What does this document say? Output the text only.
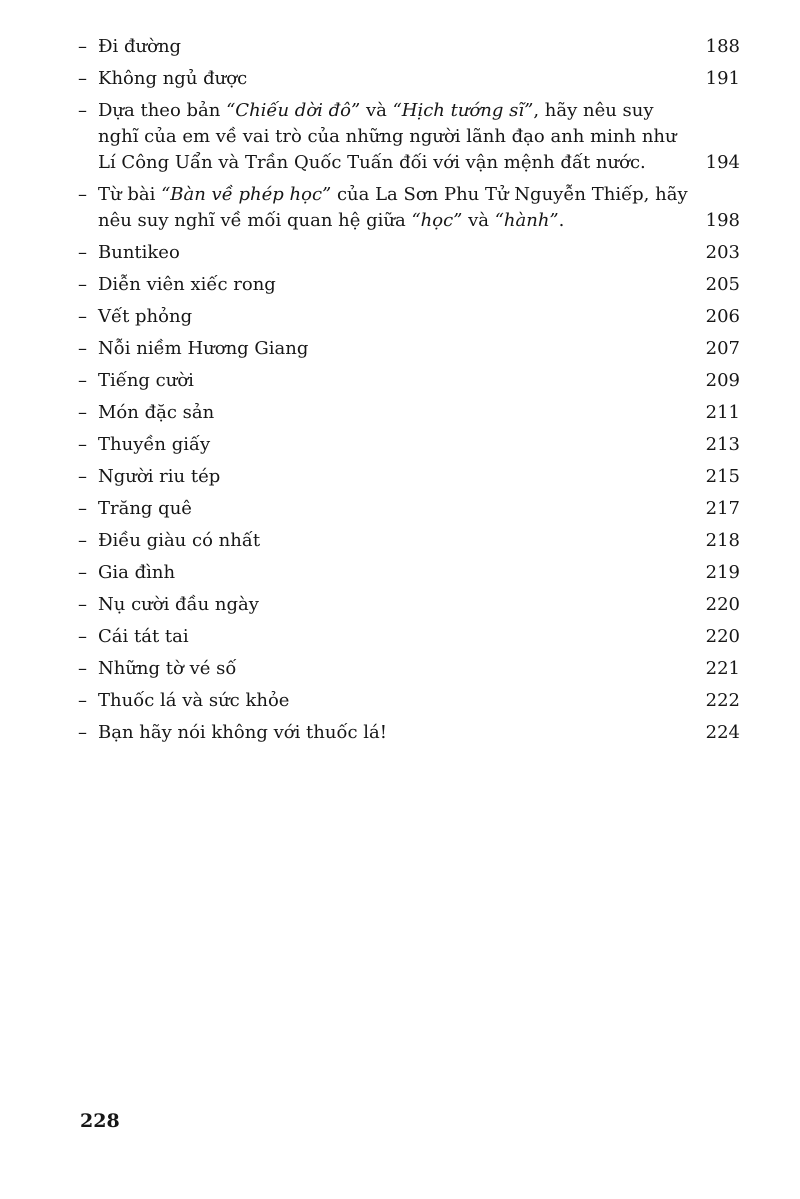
– Đi đường	188
– Không ngủ được	191
– Dựa theo bản “Chiếu dời đô” và “Hịch tướng sĩ”, hãy nêu suy nghĩ của em về vai trò của những người lãnh đạo anh minh như Lí Công Uẩn và Trần Quốc Tuấn đối với vận mệnh đất nước.	194
– Từ bài “Bàn về phép học” của La Sơn Phu Tử Nguyễn Thiếp, hãy nêu suy nghĩ về mối quan hệ giữa “học” và “hành”.	198
– Buntikeo	203
– Diễn viên xiếc rong	205
– Vết phỏng	206
– Nỗi niềm Hương Giang	207
– Tiếng cười	209
– Món đặc sản	211
– Thuyền giấy	213
– Người riu tép	215
– Trăng quê	217
– Điều giàu có nhất	218
– Gia đình	219
– Nụ cười đầu ngày	220
– Cái tát tai	220
– Những tờ vé số	221
– Thuốc lá và sức khỏe	222
– Bạn hãy nói không với thuốc lá!	224
228
